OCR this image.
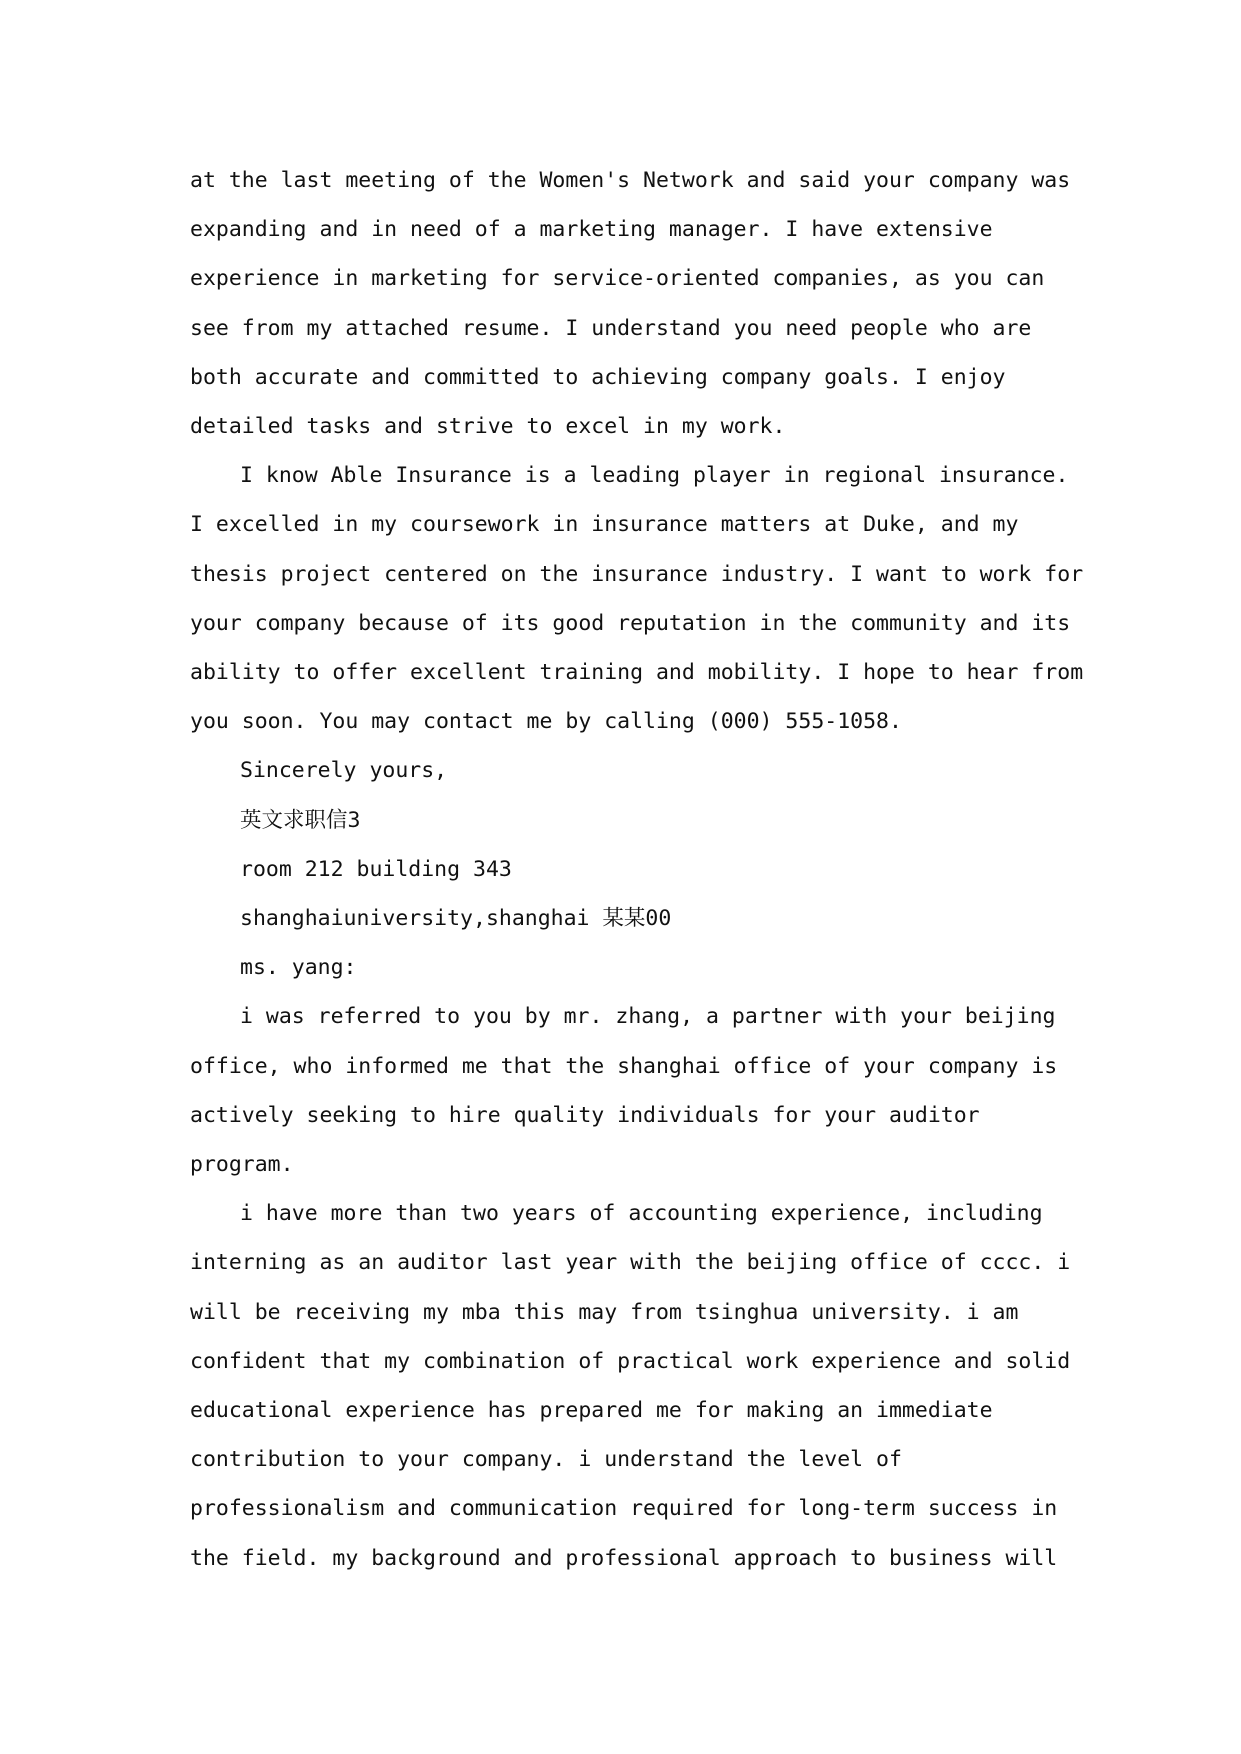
at the last meeting of the Women's Network and said your company was
expanding and in need of a marketing manager. I have extensive
experience in marketing for service-oriented companies, as you can
see from my attached resume. I understand you need people who are
both accurate and committed to achieving company goals. I enjoy
detailed tasks and strive to excel in my work.
I know Able Insurance is a leading player in regional insurance.
I excelled in my coursework in insurance matters at Duke, and my
thesis project centered on the insurance industry. I want to work for
your company because of its good reputation in the community and its
ability to offer excellent training and mobility. I hope to hear from
you soon. You may contact me by calling (000) 555-1058.
Sincerely yours,
英文求职信3
room 212 building 343
shanghaiuniversity,shanghai 某某00
ms. yang:
i was referred to you by mr. zhang, a partner with your beijing
office, who informed me that the shanghai office of your company is
actively seeking to hire quality individuals for your auditor
program.
i have more than two years of accounting experience, including
interning as an auditor last year with the beijing office of cccc. i
will be receiving my mba this may from tsinghua university. i am
confident that my combination of practical work experience and solid
educational experience has prepared me for making an immediate
contribution to your company. i understand the level of
professionalism and communication required for long-term success in
the field. my background and professional approach to business will
